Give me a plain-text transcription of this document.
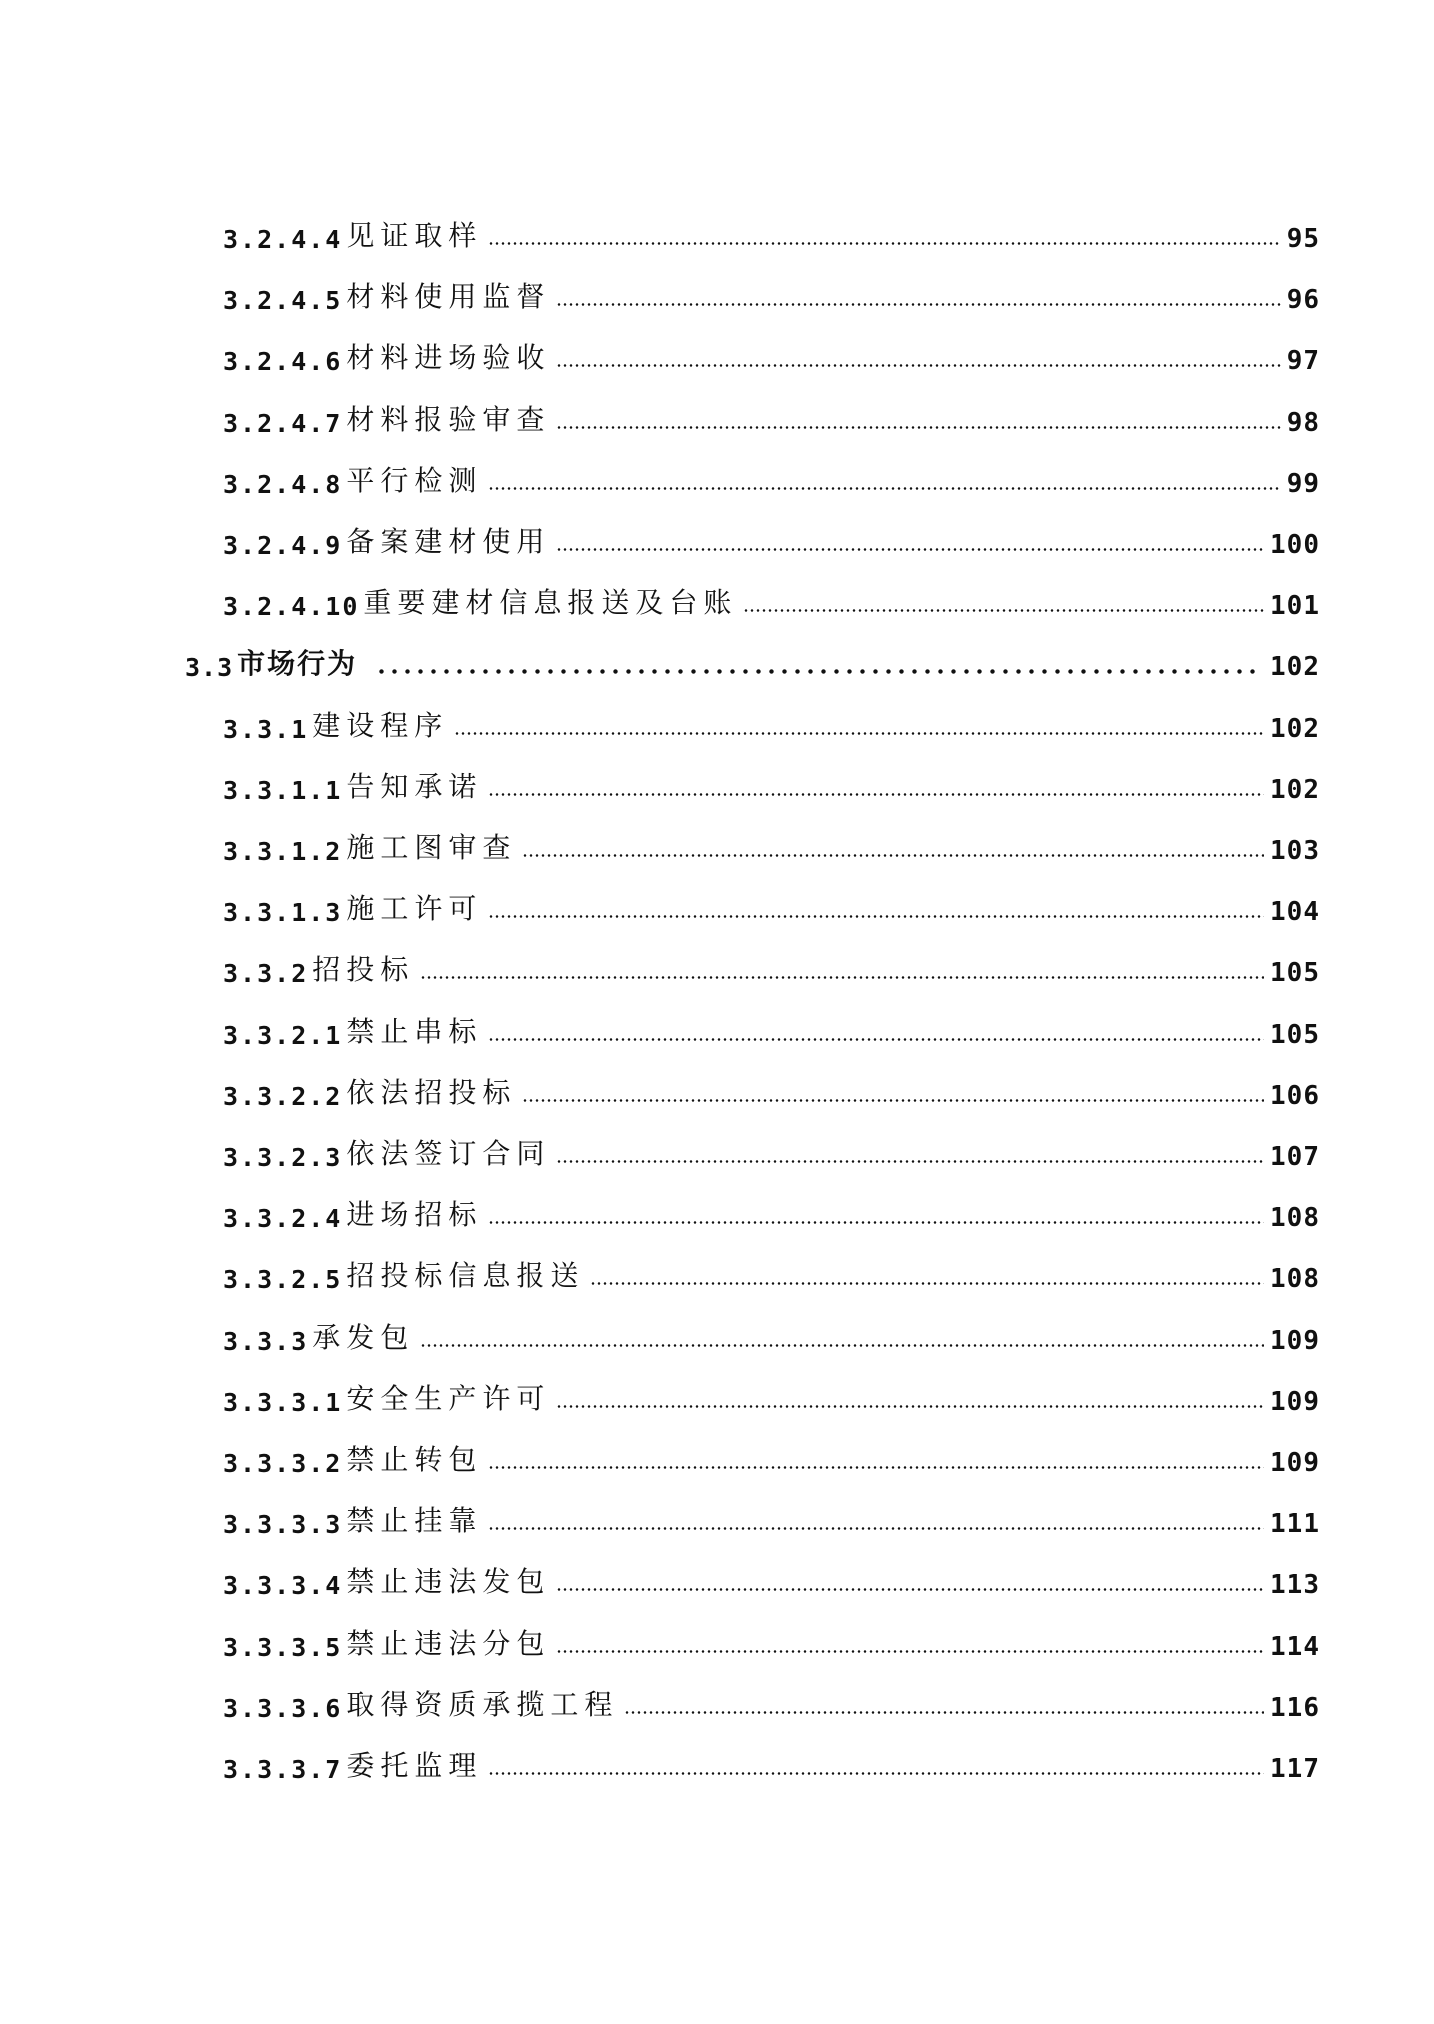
3.2.4.4 见证取样	95
3.2.4.5 材料使用监督	96
3.2.4.6 材料进场验收	97
3.2.4.7 材料报验审查	98
3.2.4.8 平行检测	99
3.2.4.9 备案建材使用	100
3.2.4.10 重要建材信息报送及台账	101
3.3 市场行为	102
3.3.1 建设程序	102
3.3.1.1 告知承诺	102
3.3.1.2 施工图审查	103
3.3.1.3 施工许可	104
3.3.2 招投标	105
3.3.2.1 禁止串标	105
3.3.2.2 依法招投标	106
3.3.2.3 依法签订合同	107
3.3.2.4 进场招标	108
3.3.2.5 招投标信息报送	108
3.3.3 承发包	109
3.3.3.1 安全生产许可	109
3.3.3.2 禁止转包	109
3.3.3.3 禁止挂靠	111
3.3.3.4 禁止违法发包	113
3.3.3.5 禁止违法分包	114
3.3.3.6 取得资质承揽工程	116
3.3.3.7 委托监理	117
